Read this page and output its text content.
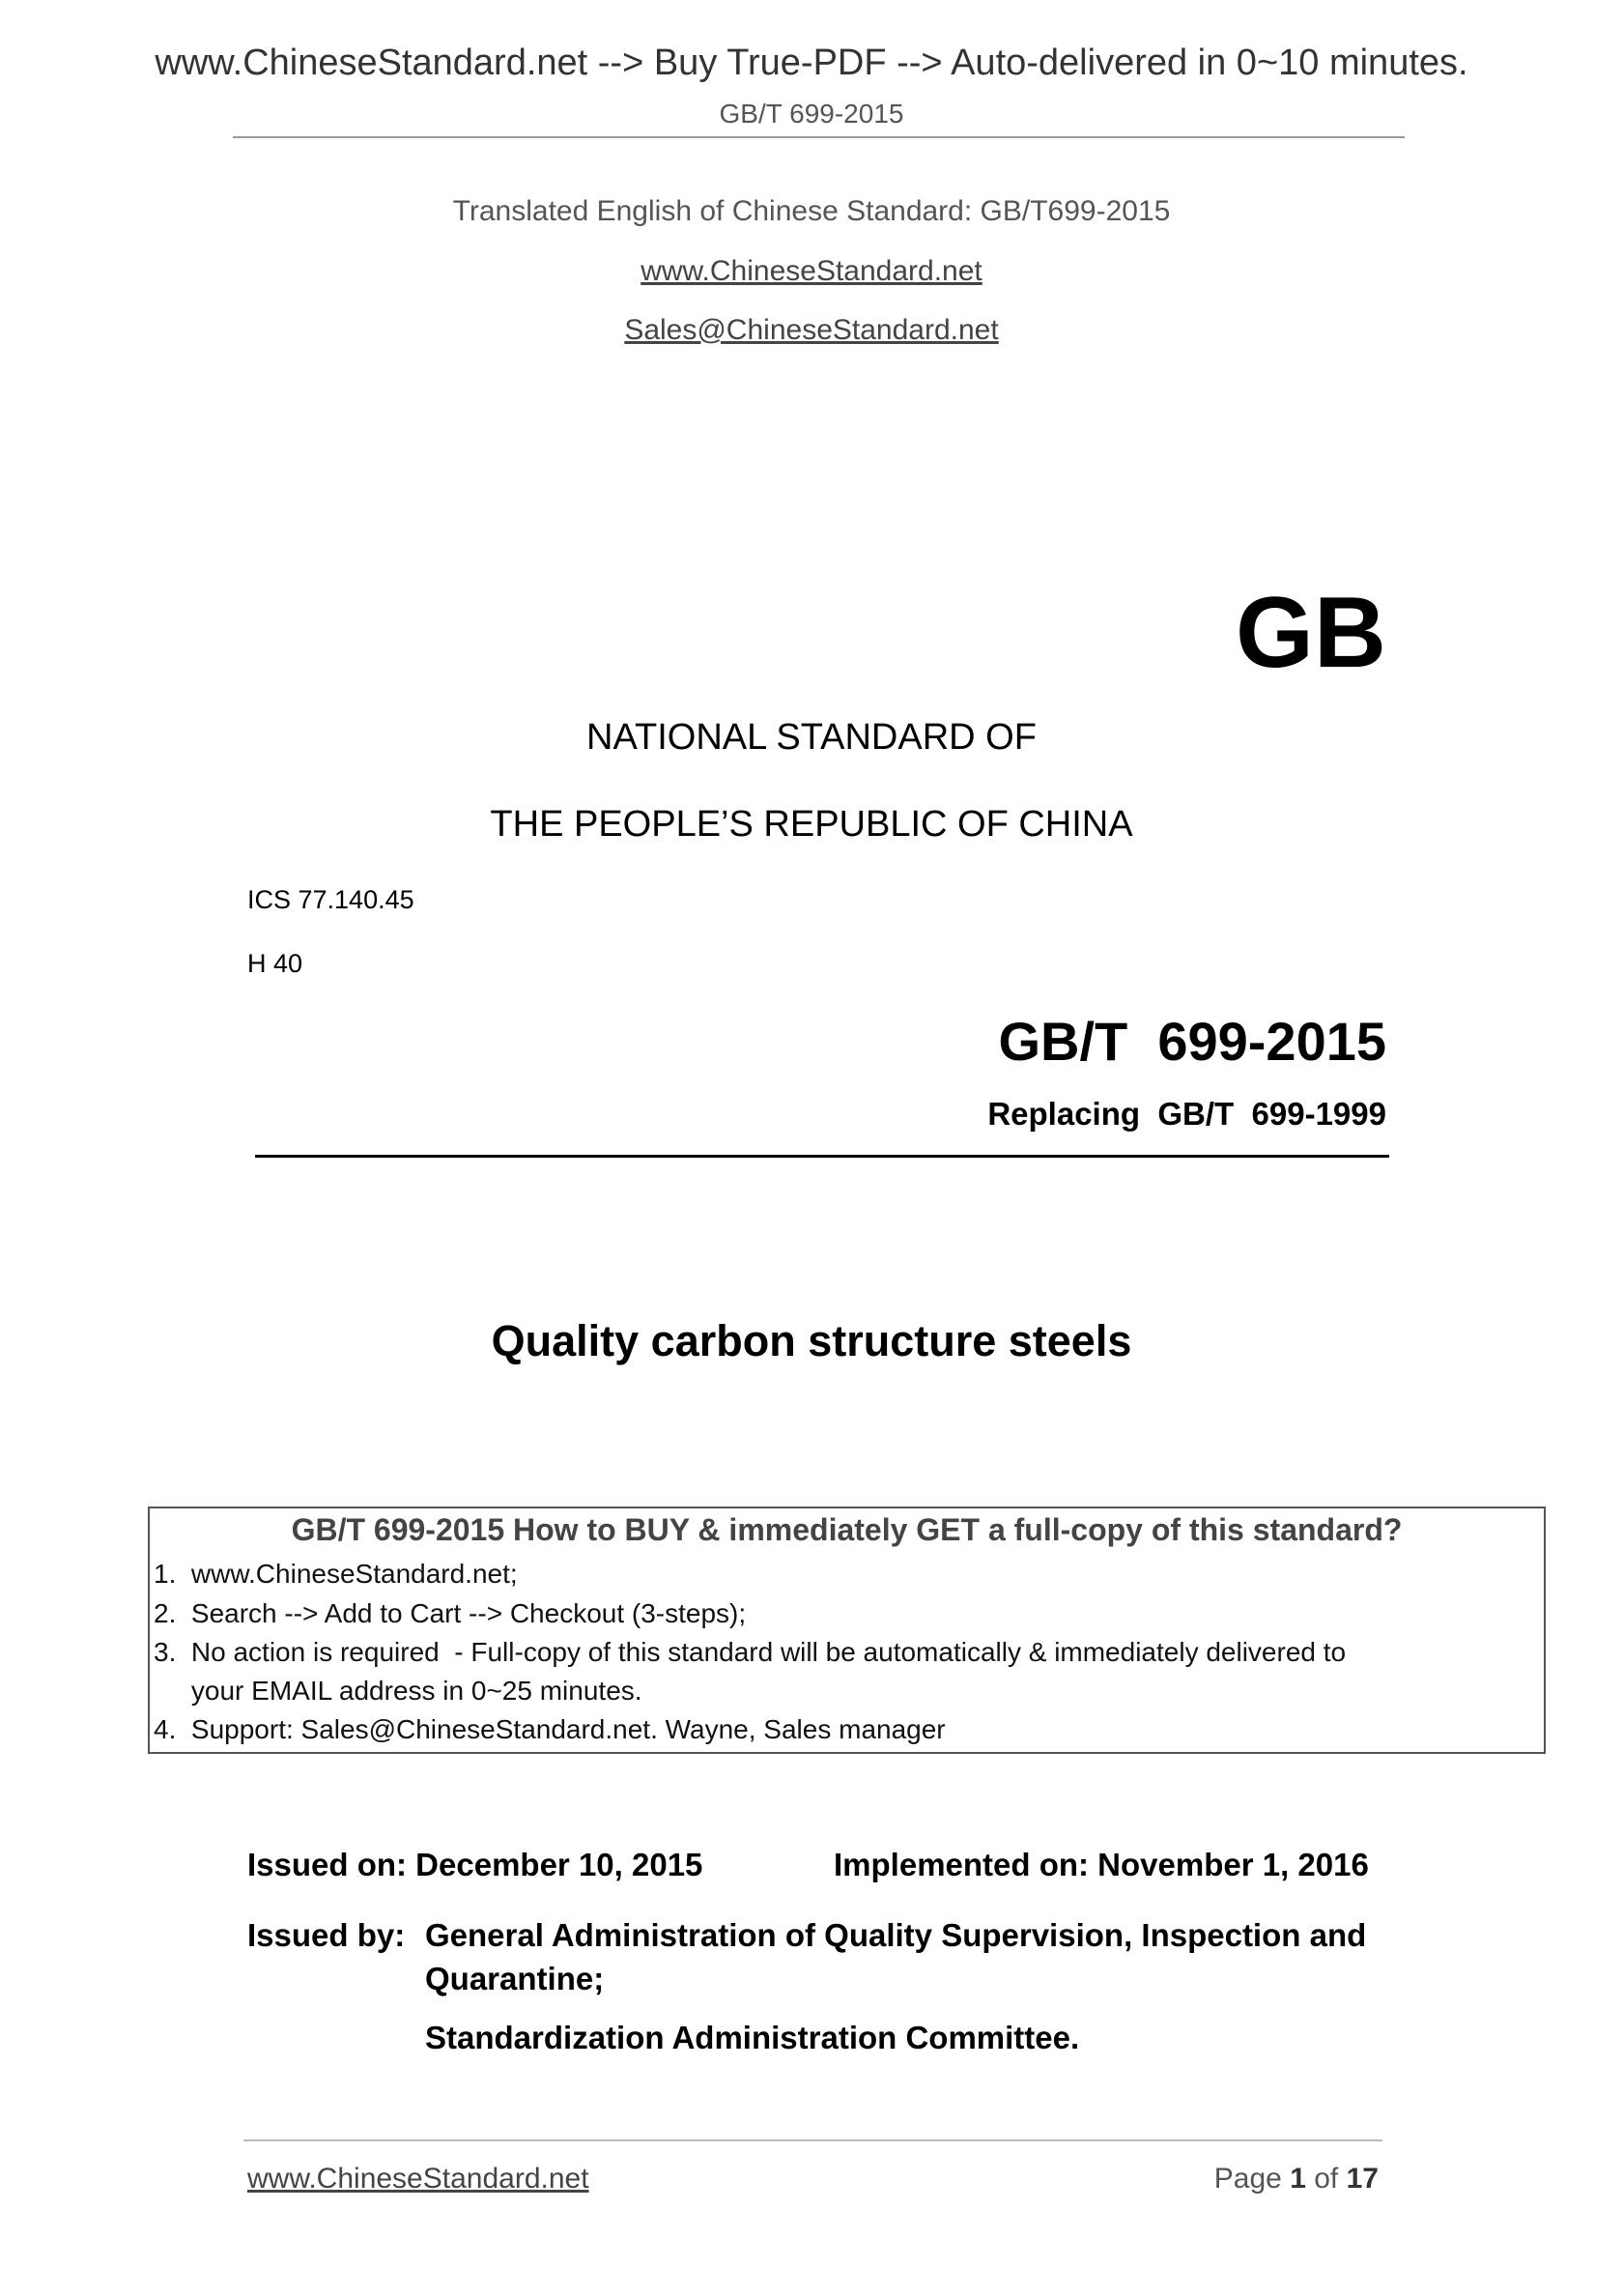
www.ChineseStandard.net --> Buy True-PDF --> Auto-delivered in 0~10 minutes.
GB/T 699-2015
Translated English of Chinese Standard: GB/T699-2015
www.ChineseStandard.net
Sales@ChineseStandard.net
GB
NATIONAL STANDARD OF
THE PEOPLE’S REPUBLIC OF CHINA
ICS 77.140.45
H 40
GB/T  699-2015
Replacing  GB/T  699-1999
Quality carbon structure steels
GB/T 699-2015 How to BUY & immediately GET a full-copy of this standard?
1.  www.ChineseStandard.net;
2.  Search --> Add to Cart --> Checkout (3-steps);
3.  No action is required  - Full-copy of this standard will be automatically & immediately delivered to
your EMAIL address in 0~25 minutes.
4.  Support: Sales@ChineseStandard.net. Wayne, Sales manager
Issued on: December 10, 2015	Implemented on: November 1, 2016
Issued by: General Administration of Quality Supervision, Inspection and
Quarantine;
Standardization Administration Committee.
www.ChineseStandard.net	Page 1 of 17
